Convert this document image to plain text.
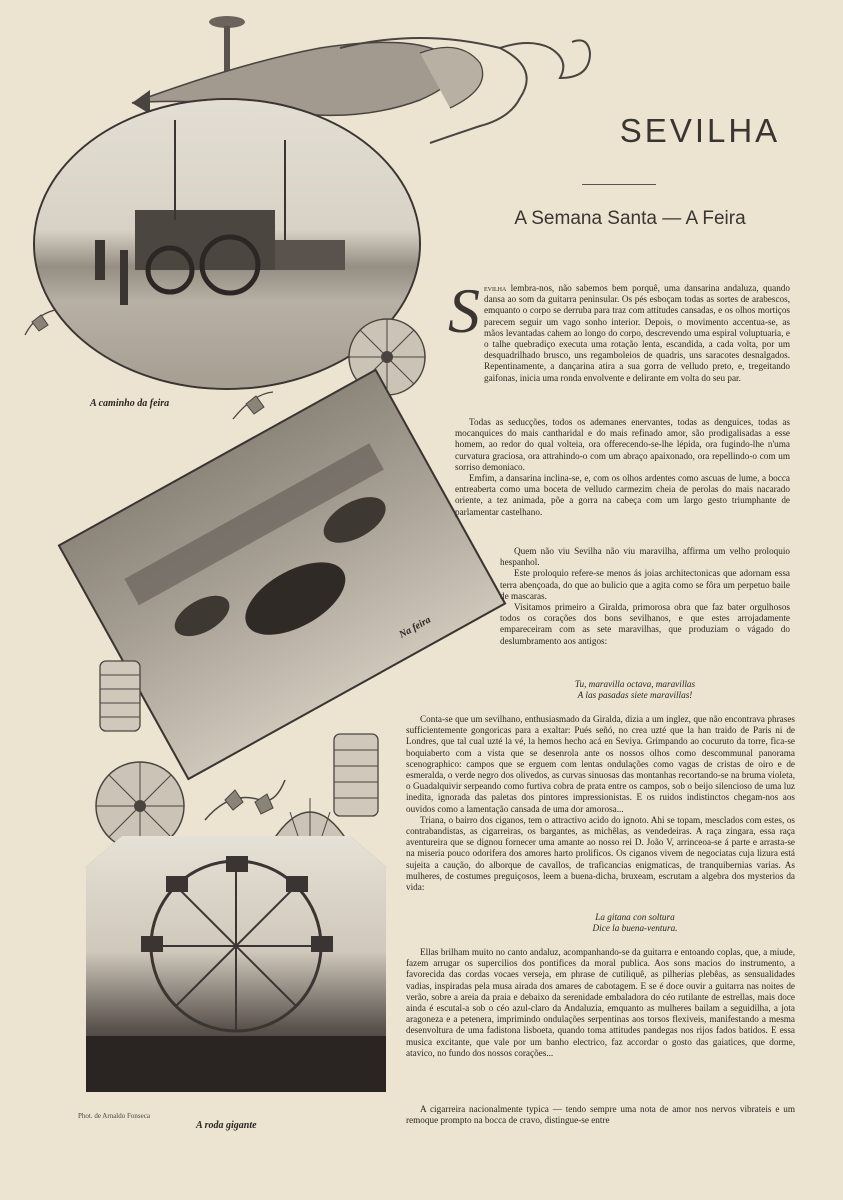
A caminho da feira
Na feira
Phot. de Arnaldo Fonseca
A roda gigante
SEVILHA
A Semana Santa — A Feira
S evilha lembra-nos, não sabemos bem porquê, uma dansarina andaluza, quando dansa ao som da guitarra peninsular. Os pés esboçam todas as sortes de arabescos, emquanto o corpo se derruba para traz com attitudes cansadas, e os olhos mortiços parecem seguir um vago sonho interior. Depois, o movimento accentua-se, as mãos levantadas cahem ao longo do corpo, descrevendo uma espiral voluptuaria, e o talhe quebradiço executa uma rotação lenta, escandida, a cada volta, por um desquadrilhado brusco, uns regamboleios de quadris, uns saracotes desnalgados. Repentinamente, a dançarina atira a sua gorra de velludo preto, e, tregeitando gaifonas, inicia uma ronda envolvente e delirante em volta do seu par.

Todas as seducções, todos os ademanes enervantes, todas as denguices, todas as mocanquices do mais cantharidal e do mais refinado amor, são prodigalisadas a esse homem, ao redor do qual volteia, ora offerecendo-se-lhe lépida, ora fugindo-lhe n'uma curvatura graciosa, ora attrahindo-o com um abraço apaixonado, ora repellindo-o com um sorriso demoniaco.

Emfim, a dansarina inclina-se, e, com os olhos ardentes como ascuas de lume, a bocca entreaberta como uma boceta de velludo carmezim cheia de perolas do mais nacarado oriente, a tez animada, põe a gorra na cabeça com um largo gesto triumphante de parlamentar castelhano.

Quem não viu Sevilha não viu maravilha, affirma um velho proloquio hespanhol.

Este proloquio refere-se menos ás joias architectonicas que adornam essa terra abençoada, do que ao bulicio que a agita como se fôra um perpetuo baile de mascaras.

Visitamos primeiro a Giralda, primorosa obra que faz bater orgulhosos todos os corações dos bons sevilhanos, e que estes arrojadamente empareceiram com as sete maravilhas, que produziam o vágado do deslumbramento aos antigos:

Tu, maravilla octava, maravillas
A las pasadas siete maravillas!

Conta-se que um sevilhano, enthusiasmado da Giralda, dizia a um inglez, que não encontrava phrases sufficientemente gongoricas para a exaltar: Pués señó, no crea uzté que la han traido de Paris ni de Londres, que tal cual uzté la vé, la hemos hecho acá en Seviya. Grimpando ao cocuruto da torre, fica-se boquiaberto com a vista que se desenrola ante os nossos olhos como descommunal panorama scenographico: campos que se erguem com lentas ondulações como vagas de cristas de oiro e de esmeralda, o verde negro dos olivedos, as curvas sinuosas das montanhas recortando-se na bruma violeta, o Guadalquivir serpeando como furtiva cobra de prata entre os campos, sob o beijo silencioso de uma luz inedita, ignorada das paletas dos pintores impressionistas. E os ruidos indistinctos chegam-nos aos ouvidos como a lamentação cansada de uma dor amorosa...

Triana, o bairro dos ciganos, tem o attractivo acido do ignoto. Ahi se topam, mesclados com estes, os contrabandistas, as cigarreiras, os bargantes, as michêlas, as vendedeiras. A raça zingara, essa raça aventureira que se dignou fornecer uma amante ao nosso rei D. João V, arrinceoa-se á parte e arrasta-se na miseria pouco odorifera dos amores harto prolificos. Os ciganos vivem de negociatas cuja lizura está sujeita a caução, do alborque de cavallos, de traficancias enigmaticas, de tranquibernias varias. As mulheres, de costumes preguiçosos, leem a buena-dicha, bruxeam, escrutam a algebra dos mysterios da vida:

La gitana con soltura
Dice la buena-ventura.

Ellas brilham muito no canto andaluz, acompanhando-se da guitarra e entoando coplas, que, a miude, fazem arrugar os supercilios dos pontifices da moral publica. Aos sons macios do instrumento, a favorecida das cordas vocaes verseja, em phrase de cutiliquê, as pilherias plebêas, as sensualidades vadias, inspiradas pela musa airada dos amares de cabotagem. E se é doce ouvir a guitarra nas noites de verão, sobre a areia da praia e debaixo da serenidade embaladora do céo rutilante de estrellas, mais doce ainda é escutal-a sob o céo azul-claro da Andaluzia, emquanto as mulheres bailam a seguidilha, a jota aragoneza e a petenera, imprimindo ondulações serpentinas aos torsos flexiveis, manifestando a mesma desenvoltura de uma fadistona lisboeta, quando toma attitudes pandegas nos rijos fados batidos. E essa musica excitante, que vale por um banho electrico, faz accordar o gosto das gaiatices, que dorme, atavico, no fundo dos nossos corações...

A cigarreira nacionalmente typica — tendo sempre uma nota de amor nos nervos vibrateis e um remoque prompto na bocca de cravo, distingue-se entre
